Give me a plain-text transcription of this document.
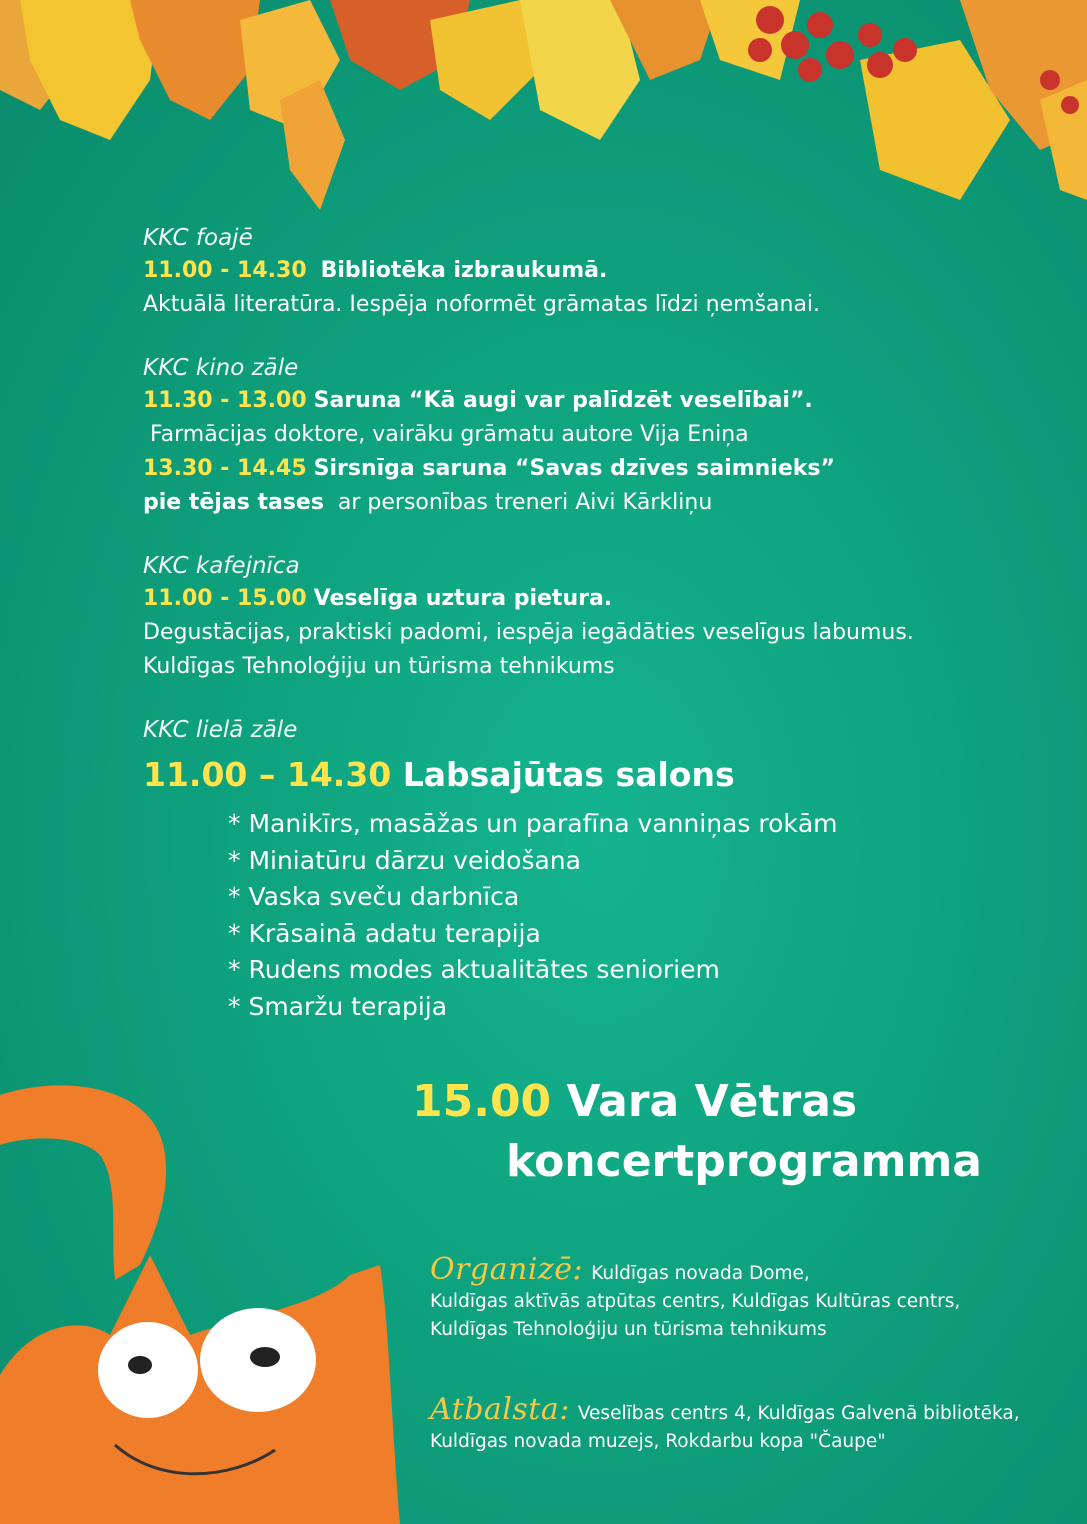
KKC foajē
11.00 - 14.30 Bibliotēka izbraukumā.
Aktuālā literatūra. Iespēja noformēt grāmatas līdzi ņemšanai.
KKC kino zāle
11.30 - 13.00 Saruna “Kā augi var palīdzēt veselībai”.
Farmācijas doktore, vairāku grāmatu autore Vija Eniņa
13.30 - 14.45 Sirsnīga saruna “Savas dzīves saimnieks”
pie tējas tases  ar personības treneri Aivi Kārkliņu
KKC kafejnīca
11.00 - 15.00 Veselīga uztura pietura.
Degustācijas, praktiski padomi, iespēja iegādāties veselīgus labumus.
Kuldīgas Tehnoloģiju un tūrisma tehnikums
KKC lielā zāle
11.00 – 14.30 Labsajūtas salons
* Manikīrs, masāžas un parafīna vanniņas rokām
* Miniatūru dārzu veidošana
* Vaska sveču darbnīca
* Krāsainā adatu terapija
* Rudens modes aktualitātes senioriem
* Smaržu terapija
15.00 Vara Vētras
koncertprogramma
Organizē: Kuldīgas novada Dome,
Kuldīgas aktīvās atpūtas centrs, Kuldīgas Kultūras centrs,
Kuldīgas Tehnoloģiju un tūrisma tehnikums
Atbalsta: Veselības centrs 4, Kuldīgas Galvenā bibliotēka,
Kuldīgas novada muzejs, Rokdarbu kopa "Čaupe"
